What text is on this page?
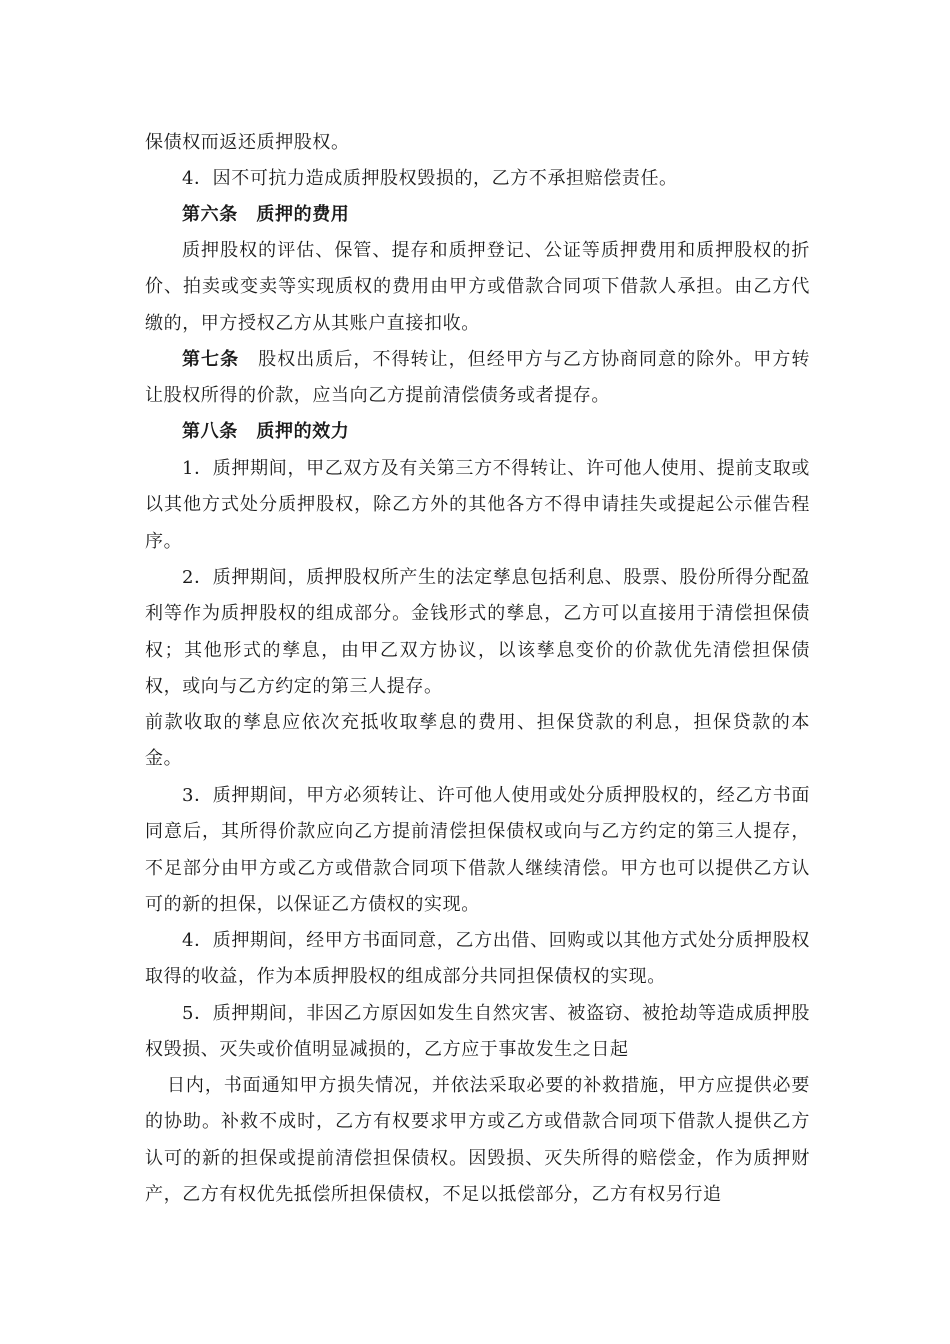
保债权而返还质押股权。
4．因不可抗力造成质押股权毁损的，乙方不承担赔偿责任。
第六条　质押的费用
质押股权的评估、保管、提存和质押登记、公证等质押费用和质押股权的折价、拍卖或变卖等实现质权的费用由甲方或借款合同项下借款人承担。由乙方代缴的，甲方授权乙方从其账户直接扣收。
第七条　股权出质后，不得转让，但经甲方与乙方协商同意的除外。甲方转让股权所得的价款，应当向乙方提前清偿债务或者提存。
第八条　质押的效力
1．质押期间，甲乙双方及有关第三方不得转让、许可他人使用、提前支取或以其他方式处分质押股权，除乙方外的其他各方不得申请挂失或提起公示催告程序。
2．质押期间，质押股权所产生的法定孳息包括利息、股票、股份所得分配盈利等作为质押股权的组成部分。金钱形式的孳息，乙方可以直接用于清偿担保债权；其他形式的孳息，由甲乙双方协议，以该孳息变价的价款优先清偿担保债权，或向与乙方约定的第三人提存。
前款收取的孳息应依次充抵收取孳息的费用、担保贷款的利息，担保贷款的本金。
3．质押期间，甲方必须转让、许可他人使用或处分质押股权的，经乙方书面同意后，其所得价款应向乙方提前清偿担保债权或向与乙方约定的第三人提存，不足部分由甲方或乙方或借款合同项下借款人继续清偿。甲方也可以提供乙方认可的新的担保，以保证乙方债权的实现。
4．质押期间，经甲方书面同意，乙方出借、回购或以其他方式处分质押股权取得的收益，作为本质押股权的组成部分共同担保债权的实现。
5．质押期间，非因乙方原因如发生自然灾害、被盗窃、被抢劫等造成质押股权毁损、灭失或价值明显减损的，乙方应于事故发生之日起
日内，书面通知甲方损失情况，并依法采取必要的补救措施，甲方应提供必要的协助。补救不成时，乙方有权要求甲方或乙方或借款合同项下借款人提供乙方认可的新的担保或提前清偿担保债权。因毁损、灭失所得的赔偿金，作为质押财产，乙方有权优先抵偿所担保债权，不足以抵偿部分，乙方有权另行追
